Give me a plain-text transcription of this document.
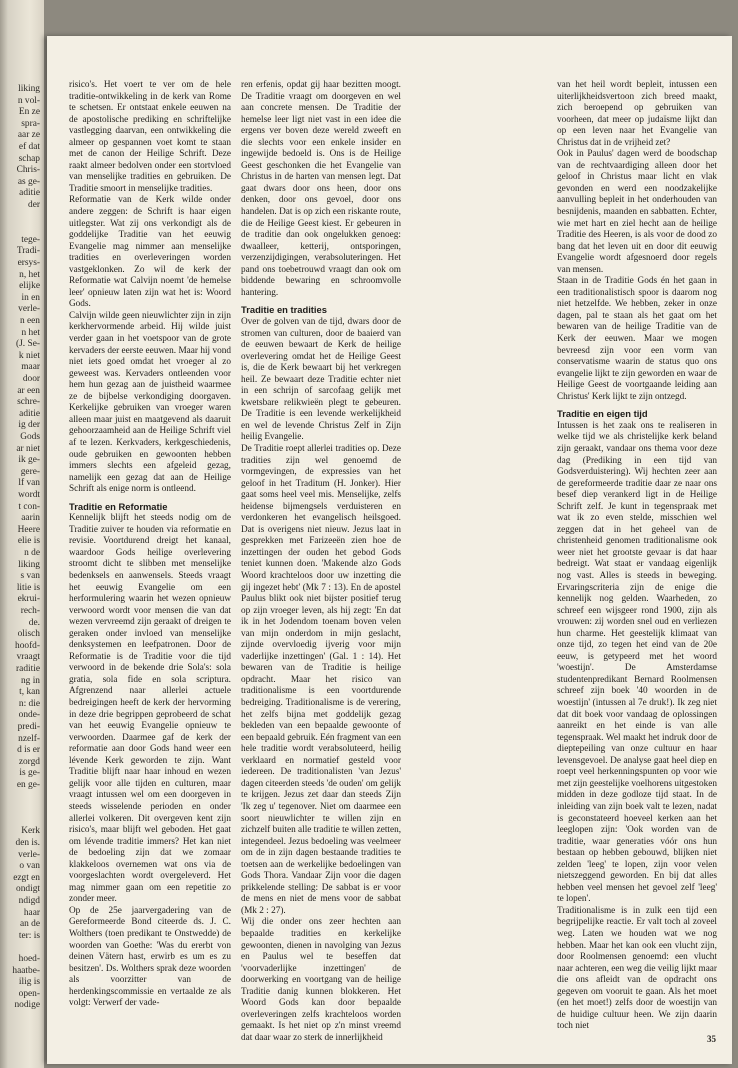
liking
n vol-
En ze
spra-
aar ze
ef dat
schap
Chris-
as ge-
aditie
der
tege-
Tradi-
ersys-
n, het
elijke
in en
verle-
n een
n het
(J. Se-
k niet
maar
door
ar een
schre-
aditie
ig der
Gods
ar niet
ik ge-
gere-
lf van
wordt
t con-
aarin
Heere
elie is
n de
liking
s van
litie is
ekrui-
rech-
de.
olisch
hoofd-
vraagt
raditie
ng in
t, kan
n: die
onde-
predi-
nzelf-
d is er
zorgd
is ge-
en ge-
Kerk
den is.
verle-
o van
ezgt en
ondigt
ndigd
haar
an de
ter: is
hoed-
haatbe-
ilig is
open-
nodige

risico's. Het voert te ver om de hele traditie-ontwikkeling in de kerk van Rome te schetsen. Er ontstaat enkele eeuwen na de apostolische prediking en schriftelijke vastlegging daarvan, een ontwikkeling die almeer op gespannen voet komt te staan met de canon der Heilige Schrift. Deze raakt almeer bedolven onder een stortvloed van menselijke tradities en gebruiken. De Traditie smoort in menselijke tradities.

Reformatie van de Kerk wilde onder andere zeggen: de Schrift is haar eigen uitlegster. Wat zij ons verkondigt als de goddelijke Traditie van het eeuwig Evangelie mag nimmer aan menselijke tradities en overleveringen worden vastgeklonken. Zo wil de kerk der Reformatie wat Calvijn noemt 'de hemelse leer' opnieuw laten zijn wat het is: Woord Gods.

Calvijn wilde geen nieuwlichter zijn in zijn kerkhervormende arbeid. Hij wilde juist verder gaan in het voetspoor van de grote kervaders der eerste eeuwen. Maar hij vond niet iets goed omdat het vroeger al zo geweest was. Kervaders ontleenden voor hem hun gezag aan de juistheid waarmee ze de bijbelse verkondiging doorgaven. Kerkelijke gebruiken van vroeger waren alleen maar juist en maatgevend als daaruit gehoorzaamheid aan de Heilige Schrift viel af te lezen. Kerkvaders, kerkgeschiedenis, oude gebruiken en gewoonten hebben immers slechts een afgeleid gezag, namelijk een gezag dat aan de Heilige Schrift als enige norm is ontleend.

Traditie en Reformatie

Kennelijk blijft het steeds nodig om de Traditie zuiver te houden via reformatie en revisie. Voortdurend dreigt het kanaal, waardoor Gods heilige overlevering stroomt dicht te slibben met menselijke bedenksels en aanwensels. Steeds vraagt het eeuwig Evangelie om een herformulering waarin het wezen opnieuw verwoord wordt voor mensen die van dat wezen vervreemd zijn geraakt of dreigen te geraken onder invloed van menselijke denksystemen en leefpatronen. Door de Reformatie is de Traditie voor die tijd verwoord in de bekende drie Sola's: sola gratia, sola fide en sola scriptura. Afgrenzend naar allerlei actuele bedreigingen heeft de kerk der hervorming in deze drie begrippen geprobeerd de schat van het eeuwig Evangelie opnieuw te verwoorden. Daarmee gaf de kerk der reformatie aan door Gods hand weer een lévende Kerk geworden te zijn. Want Traditie blijft naar haar inhoud en wezen gelijk voor alle tijden en culturen, maar vraagt intussen wel om een doorgeven in steeds wisselende perioden en onder allerlei volkeren. Dit overgeven kent zijn risico's, maar blijft wel geboden. Het gaat om lévende traditie immers? Het kan niet de bedoeling zijn dat we zomaar klakkeloos overnemen wat ons via de voorgeslachten wordt overgeleverd. Het mag nimmer gaan om een repetitie zo zonder meer.

Op de 25e jaarvergadering van de Gereformeerde Bond citeerde ds. J. C. Wolthers (toen predikant te Onstwedde) de woorden van Goethe: 'Was du ererbt von deinen Vätern hast, erwirb es um es zu besitzen'. Ds. Wolthers sprak deze woorden als voorzitter van de herdenkingscommissie en vertaalde ze als volgt: Verwerf der vade-

ren erfenis, opdat gij haar bezitten moogt. De Traditie vraagt om doorgeven en wel aan concrete mensen. De Traditie der hemelse leer ligt niet vast in een idee die ergens ver boven deze wereld zweeft en die slechts voor een enkele insider en ingewijde bedoeld is. Ons is de Heilige Geest geschonken die het Evangelie van Christus in de harten van mensen legt. Dat gaat dwars door ons heen, door ons denken, door ons gevoel, door ons handelen. Dat is op zich een riskante route, die de Heilige Geest kiest. Er gebeuren in de traditie dan ook ongelukken genoeg: dwaalleer, ketterij, ontsporingen, verzenzijdigingen, verabsoluteringen. Het pand ons toebetrouwd vraagt dan ook om biddende bewaring en schroomvolle hantering.

Traditie en tradities

Over de golven van de tijd, dwars door de stromen van culturen, door de baaierd van de eeuwen bewaart de Kerk de heilige overlevering omdat het de Heilige Geest is, die de Kerk bewaart bij het verkregen heil. Ze bewaart deze Traditie echter niet in een schrijn of sarcofaag gelijk met kwetsbare relikwieën plegt te gebeuren. De Traditie is een levende werkelijkheid en wel de levende Christus Zelf in Zijn heilig Evangelie.

De Traditie roept allerlei tradities op. Deze tradities zijn wel genoemd de vormgevingen, de expressies van het geloof in het Traditum (H. Jonker). Hier gaat soms heel veel mis. Menselijke, zelfs heidense bijmengsels verduisteren en verdonkeren het evangelisch heilsgoed. Dat is overigens niet nieuw. Jezus laat in gesprekken met Farizeeën zien hoe de inzettingen der ouden het gebod Gods teniet kunnen doen. 'Makende alzo Gods Woord krachteloos door uw inzetting die gij ingezet hebt' (Mk 7 : 13). En de apostel Paulus blikt ook niet bijster positief terug op zijn vroeger leven, als hij zegt: 'En dat ik in het Jodendom toenam boven velen van mijn onderdom in mijn geslacht, zijnde overvloedig ijverig voor mijn vaderlijke inzettingen' (Gal. 1 : 14). Het bewaren van de Traditie is heilige opdracht. Maar het risico van traditionalisme is een voortdurende bedreiging. Traditionalisme is de verering, het zelfs bijna met goddelijk gezag bekleden van een bepaalde gewoonte of een bepaald gebruik. Eén fragment van een hele traditie wordt verabsoluteerd, heilig verklaard en normatief gesteld voor iedereen. De traditionalisten 'van Jezus' dagen citeerden steeds 'de ouden' om gelijk te krijgen. Jezus zet daar dan steeds Zijn 'Ik zeg u' tegenover. Niet om daarmee een soort nieuwlichter te willen zijn en zichzelf buiten alle traditie te willen zetten, integendeel. Jezus bedoeling was veelmeer om de in zijn dagen bestaande tradities te toetsen aan de werkelijke bedoelingen van Gods Thora. Vandaar Zijn voor die dagen prikkelende stelling: De sabbat is er voor de mens en niet de mens voor de sabbat (Mk 2 : 27).

Wij die onder ons zeer hechten aan bepaalde tradities en kerkelijke gewoonten, dienen in navolging van Jezus en Paulus wel te beseffen dat 'voorvaderlijke inzettingen' de doorwerking en voortgang van de heilige Traditie danig kunnen blokkeren. Het Woord Gods kan door bepaalde overleveringen zelfs krachteloos worden gemaakt. Is het niet op z'n minst vreemd dat daar waar zo sterk de innerlijkheid

van het heil wordt bepleit, intussen een uiterlijkheidsvertoon zich breed maakt, zich beroepend op gebruiken van voorheen, dat meer op judaïsme lijkt dan op een leven naar het Evangelie van Christus dat in de vrijheid zet?

Ook in Paulus' dagen werd de boodschap van de rechtvaardiging alleen door het geloof in Christus maar licht en vlak gevonden en werd een noodzakelijke aanvulling bepleit in het onderhouden van besnijdenis, maanden en sabbatten. Echter, wie met hart en ziel hecht aan de heilige Traditie des Heeren, is als voor de dood zo bang dat het leven uit en door dit eeuwig Evangelie wordt afgesnoerd door regels van mensen.

Staan in de Traditie Gods én het gaan in een traditionalistisch spoor is daarom nog niet hetzelfde. We hebben, zeker in onze dagen, pal te staan als het gaat om het bewaren van de heilige Traditie van de Kerk der eeuwen. Maar we mogen bevreesd zijn voor een vorm van conservatisme waarin de status quo ons evangelie lijkt te zijn geworden en waar de Heilige Geest de voortgaande leiding aan Christus' Kerk lijkt te zijn ontzegd.

Traditie en eigen tijd

Intussen is het zaak ons te realiseren in welke tijd we als christelijke kerk beland zijn geraakt, vandaar ons thema voor deze dag (Prediking in een tijd van Godsverduistering). Wij hechten zeer aan de gereformeerde traditie daar ze naar ons besef diep verankerd ligt in de Heilige Schrift zelf. Je kunt in tegenspraak met wat ik zo even stelde, misschien wel zeggen dat in het geheel van de christenheid genomen traditionalisme ook weer niet het grootste gevaar is dat haar bedreigt. Wat staat er vandaag eigenlijk nog vast. Alles is steeds in beweging. Ervaringscriteria zijn de enige die kennelijk nog gelden. Waarheden, zo schreef een wijsgeer rond 1900, zijn als vrouwen: zij worden snel oud en verliezen hun charme. Het geestelijk klimaat van onze tijd, zo tegen het eind van de 20e eeuw, is getypeerd met het woord 'woestijn'. De Amsterdamse studentenpredikant Bernard Roolmensen schreef zijn boek '40 woorden in de woestijn' (intussen al 7e druk!). Ik zeg niet dat dit boek voor vandaag de oplossingen aanreikt en het einde is van alle tegenspraak. Wel maakt het indruk door de dieptepeiling van onze cultuur en haar levensgevoel. De analyse gaat heel diep en roept veel herkenningspunten op voor wie met zijn geestelijke voelhorens uitgestoken midden in deze godloze tijd staat. In de inleiding van zijn boek valt te lezen, nadat is geconstateerd hoeveel kerken aan het leeglopen zijn: 'Ook worden van de traditie, waar generaties vóór ons hun bestaan op hebben gebouwd, blijken niet zelden 'leeg' te lopen, zijn voor velen nietszeggend geworden. En bij dat alles hebben veel mensen het gevoel zelf 'leeg' te lopen'.

Traditionalisme is in zulk een tijd een begrijpelijke reactie. Er valt toch al zoveel weg. Laten we houden wat we nog hebben. Maar het kan ook een vlucht zijn, door Roolmensen genoemd: een vlucht naar achteren, een weg die veilig lijkt maar die ons afleidt van de opdracht ons gegeven om vooruit te gaan. Als het moet (en het moet!) zelfs door de woestijn van de huidige cultuur heen. We zijn daarin toch niet

35
